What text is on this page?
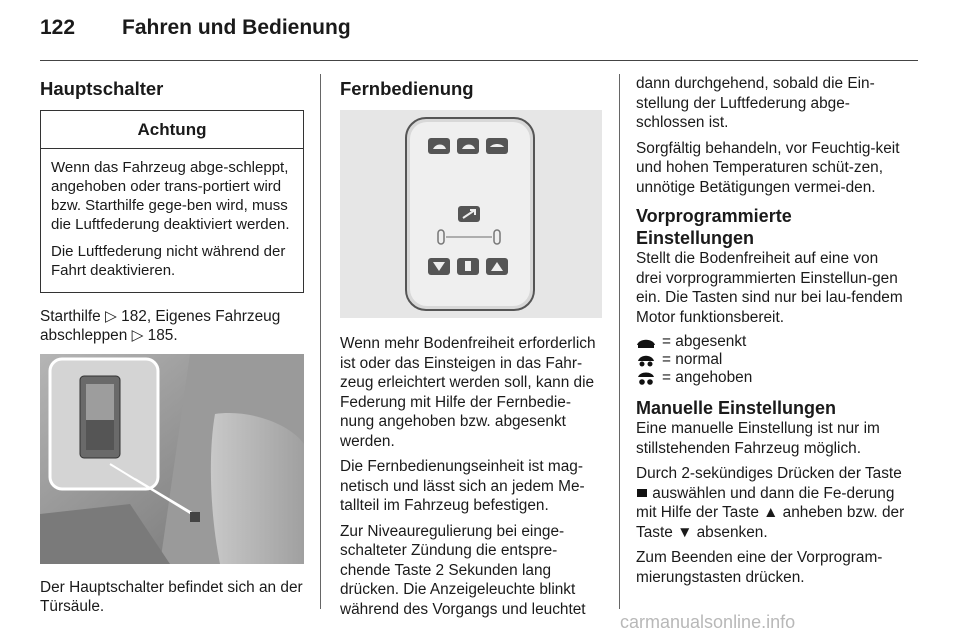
122 Fahren und Bedienung
Hauptschalter
Achtung

Wenn das Fahrzeug abge-schleppt, angehoben oder trans-portiert wird bzw. Starthilfe gege-ben wird, muss die Luftfederung deaktiviert werden.

Die Luftfederung nicht während der Fahrt deaktivieren.

Starthilfe ▷ 182, Eigenes Fahrzeug abschleppen ▷ 185.

Der Hauptschalter befindet sich an der Türsäule.

Fernbedienung

Wenn mehr Bodenfreiheit erforderlich ist oder das Einsteigen in das Fahr-zeug erleichtert werden soll, kann die Federung mit Hilfe der Fernbedie-nung angehoben bzw. abgesenkt werden.

Die Fernbedienungseinheit ist mag-netisch und lässt sich an jedem Me-tallteil im Fahrzeug befestigen.

Zur Niveauregulierung bei einge-schalteter Zündung die entspre-chende Taste 2 Sekunden lang drücken. Die Anzeigeleuchte blinkt während des Vorgangs und leuchtet

dann durchgehend, sobald die Ein-stellung der Luftfederung abge-schlossen ist.

Sorgfältig behandeln, vor Feuchtig-keit und hohen Temperaturen schüt-zen, unnötige Betätigungen vermei-den.

Vorprogrammierte Einstellungen

Stellt die Bodenfreiheit auf eine von drei vorprogrammierten Einstellun-gen ein. Die Tasten sind nur bei lau-fendem Motor funktionsbereit.

= abgesenkt
= normal
= angehoben
Manuelle Einstellungen

Eine manuelle Einstellung ist nur im stillstehenden Fahrzeug möglich.

Durch 2-sekündiges Drücken der Taste  auswählen und dann die Fe-derung mit Hilfe der Taste ▲ anheben bzw. der Taste ▼ absenken.

Zum Beenden eine der Vorprogram-mierungstasten drücken.

carmanualsonline.info
